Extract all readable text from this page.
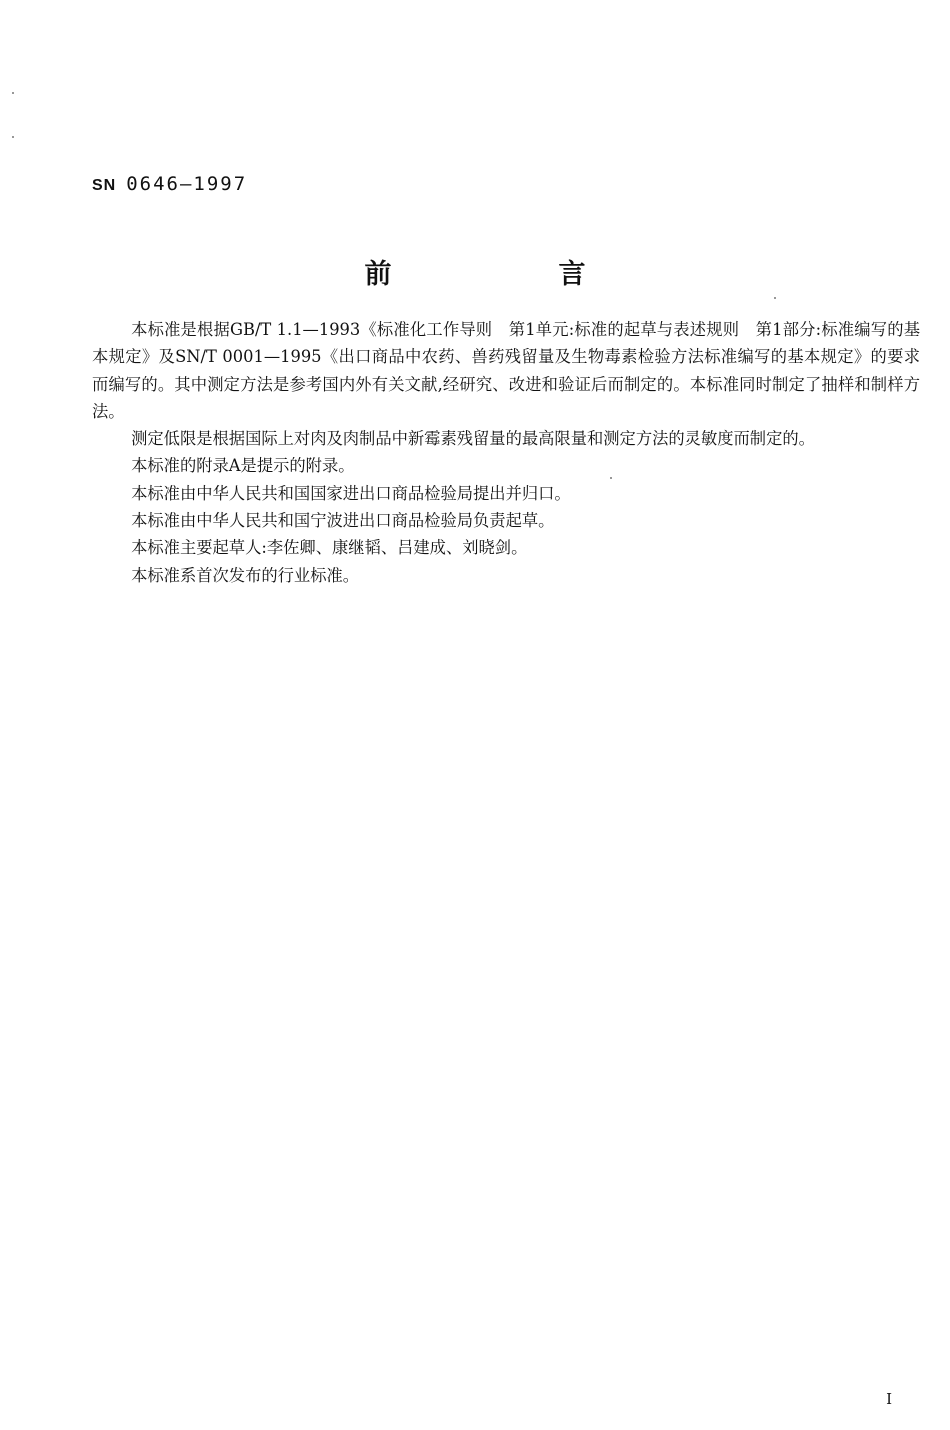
SN 0646—1997
前　言

本标准是根据GB/T 1.1—1993《标准化工作导则　第1单元:标准的起草与表述规则　第1部分:标准编写的基本规定》及SN/T 0001—1995《出口商品中农药、兽药残留量及生物毒素检验方法标准编写的基本规定》的要求而编写的。其中测定方法是参考国内外有关文献,经研究、改进和验证后而制定的。本标准同时制定了抽样和制样方法。

测定低限是根据国际上对肉及肉制品中新霉素残留量的最高限量和测定方法的灵敏度而制定的。

本标准的附录A是提示的附录。

本标准由中华人民共和国国家进出口商品检验局提出并归口。

本标准由中华人民共和国宁波进出口商品检验局负责起草。

本标准主要起草人:李佐卿、康继韬、吕建成、刘晓剑。

本标准系首次发布的行业标准。

I
